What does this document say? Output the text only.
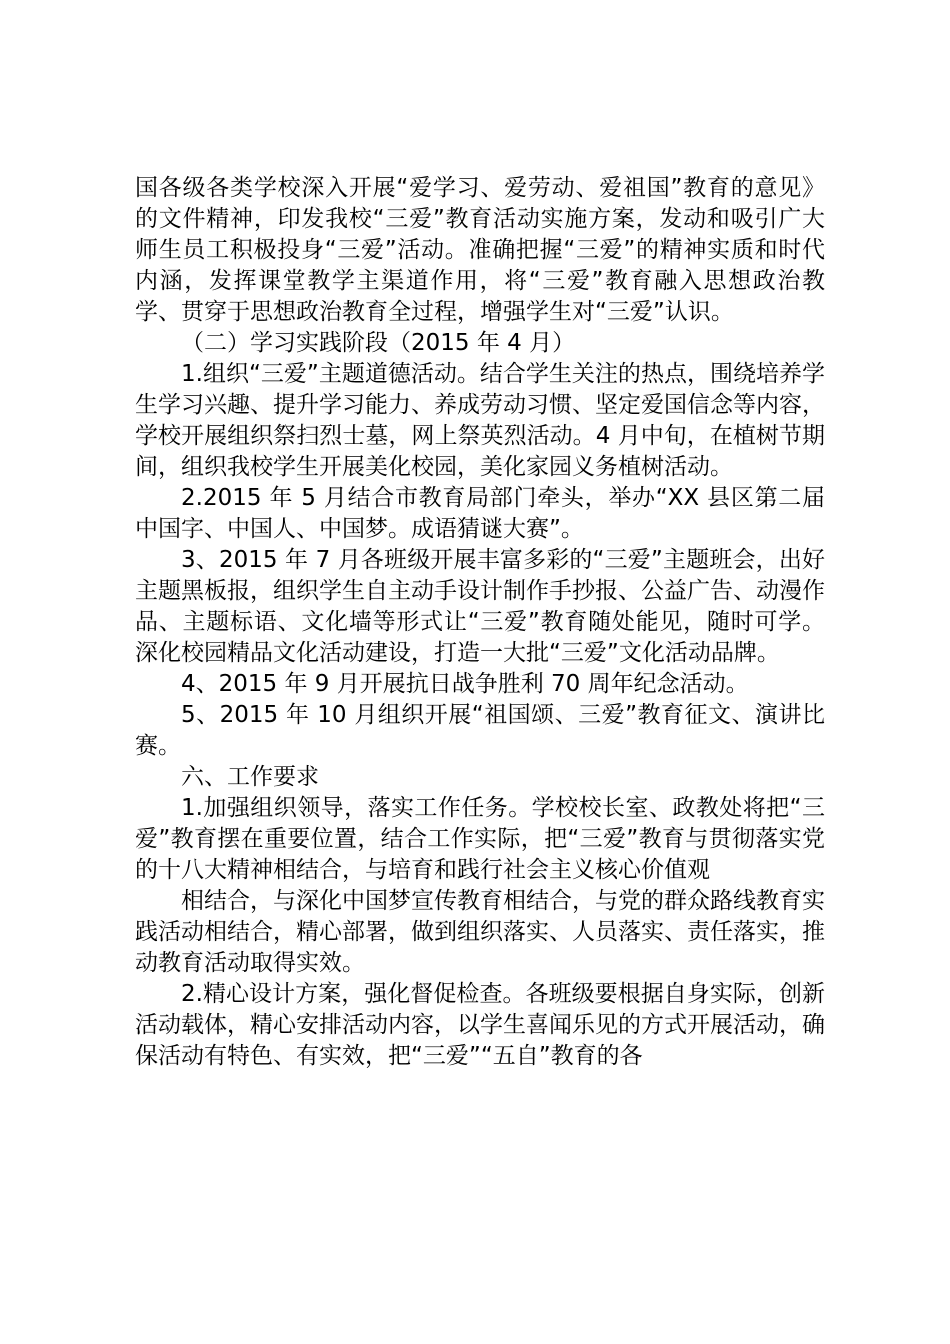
国各级各类学校深入开展“爱学习、爱劳动、爱祖国”教育的意见》的文件精神，印发我校“三爱”教育活动实施方案，发动和吸引广大师生员工积极投身“三爱”活动。准确把握“三爱”的精神实质和时代内涵，发挥课堂教学主渠道作用，将“三爱”教育融入思想政治教学、贯穿于思想政治教育全过程，增强学生对“三爱”认识。

（二）学习实践阶段（2015 年 4 月）

1.组织“三爱”主题道德活动。结合学生关注的热点，围绕培养学生学习兴趣、提升学习能力、养成劳动习惯、坚定爱国信念等内容，学校开展组织祭扫烈士墓，网上祭英烈活动。4 月中旬，在植树节期间，组织我校学生开展美化校园，美化家园义务植树活动。

2.2015 年 5 月结合市教育局部门牵头，举办“XX 县区第二届中国字、中国人、中国梦。成语猜谜大赛”。

3、2015 年 7 月各班级开展丰富多彩的“三爱”主题班会，出好主题黑板报，组织学生自主动手设计制作手抄报、公益广告、动漫作品、主题标语、文化墙等形式让“三爱”教育随处能见，随时可学。深化校园精品文化活动建设，打造一大批“三爱”文化活动品牌。

4、2015 年 9 月开展抗日战争胜利 70 周年纪念活动。

5、2015 年 10 月组织开展“祖国颂、三爱”教育征文、演讲比赛。

六、工作要求

1.加强组织领导，落实工作任务。学校校长室、政教处将把“三爱”教育摆在重要位置，结合工作实际，把“三爱”教育与贯彻落实党的十八大精神相结合，与培育和践行社会主义核心价值观

相结合，与深化中国梦宣传教育相结合，与党的群众路线教育实践活动相结合，精心部署，做到组织落实、人员落实、责任落实，推动教育活动取得实效。

2.精心设计方案，强化督促检查。各班级要根据自身实际，创新活动载体，精心安排活动内容，以学生喜闻乐见的方式开展活动，确保活动有特色、有实效，把“三爱”“五自”教育的各
